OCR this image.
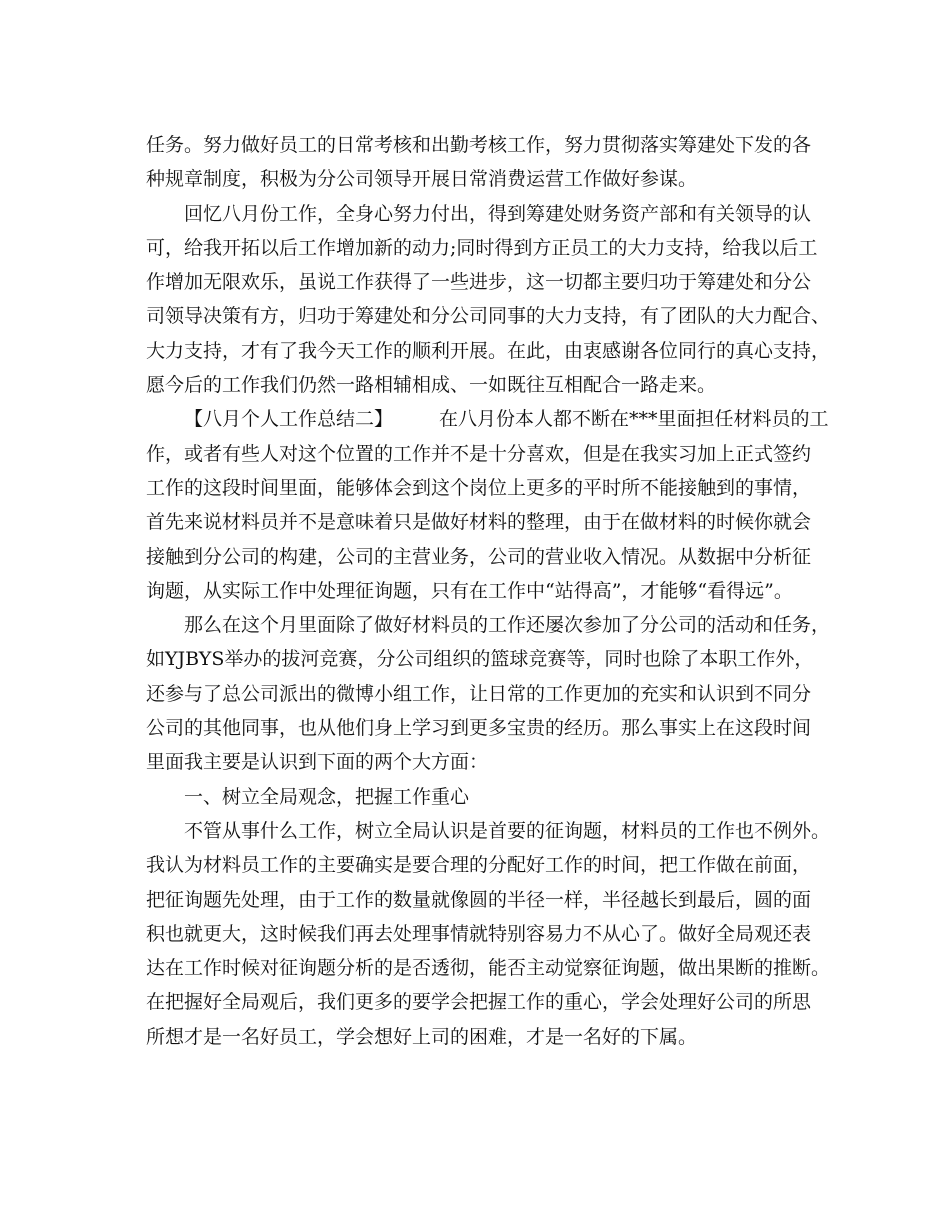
任务。努力做好员工的日常考核和出勤考核工作，努力贯彻落实筹建处下发的各
种规章制度，积极为分公司领导开展日常消费运营工作做好参谋。
回忆八月份工作，全身心努力付出，得到筹建处财务资产部和有关领导的认
可，给我开拓以后工作增加新的动力;同时得到方正员工的大力支持，给我以后工
作增加无限欢乐，虽说工作获得了一些进步，这一切都主要归功于筹建处和分公
司领导决策有方，归功于筹建处和分公司同事的大力支持，有了团队的大力配合、
大力支持，才有了我今天工作的顺利开展。在此，由衷感谢各位同行的真心支持，
愿今后的工作我们仍然一路相辅相成、一如既往互相配合一路走来。
【八月个人工作总结二】 在八月份本人都不断在***里面担任材料员的工
作，或者有些人对这个位置的工作并不是十分喜欢，但是在我实习加上正式签约
工作的这段时间里面，能够体会到这个岗位上更多的平时所不能接触到的事情，
首先来说材料员并不是意味着只是做好材料的整理，由于在做材料的时候你就会
接触到分公司的构建，公司的主营业务，公司的营业收入情况。从数据中分析征
询题，从实际工作中处理征询题，只有在工作中“站得高”，才能够“看得远”。
那么在这个月里面除了做好材料员的工作还屡次参加了分公司的活动和任务，
如YJBYS举办的拔河竞赛，分公司组织的篮球竞赛等，同时也除了本职工作外，
还参与了总公司派出的微博小组工作，让日常的工作更加的充实和认识到不同分
公司的其他同事，也从他们身上学习到更多宝贵的经历。那么事实上在这段时间
里面我主要是认识到下面的两个大方面：
一、树立全局观念，把握工作重心
不管从事什么工作，树立全局认识是首要的征询题，材料员的工作也不例外。
我认为材料员工作的主要确实是要合理的分配好工作的时间，把工作做在前面，
把征询题先处理，由于工作的数量就像圆的半径一样，半径越长到最后，圆的面
积也就更大，这时候我们再去处理事情就特别容易力不从心了。做好全局观还表
达在工作时候对征询题分析的是否透彻，能否主动觉察征询题，做出果断的推断。
在把握好全局观后，我们更多的要学会把握工作的重心，学会处理好公司的所思
所想才是一名好员工，学会想好上司的困难，才是一名好的下属。
